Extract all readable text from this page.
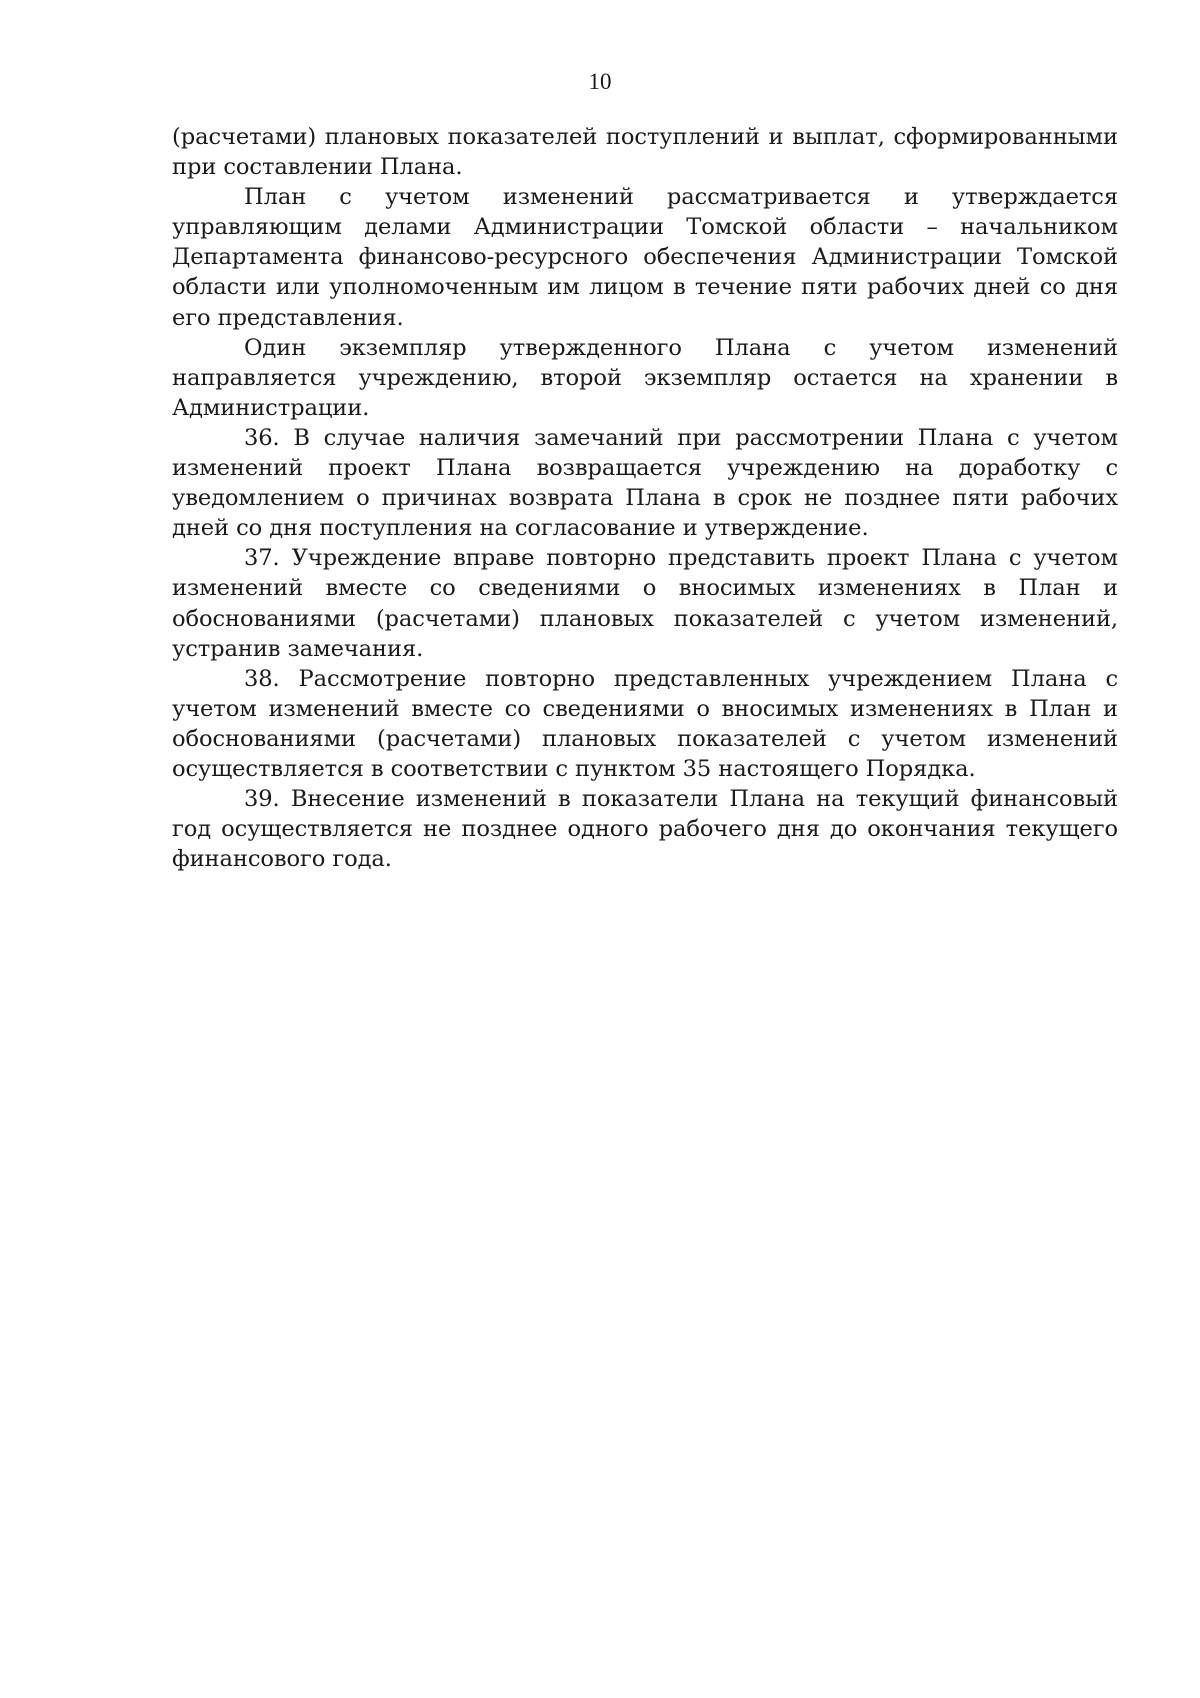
10

(расчетами) плановых показателей поступлений и выплат, сформированными при составлении Плана.

План с учетом изменений рассматривается и утверждается управляющим делами Администрации Томской области – начальником Департамента финансово-ресурсного обеспечения Администрации Томской области или уполномоченным им лицом в течение пяти рабочих дней со дня его представления.

Один экземпляр утвержденного Плана с учетом изменений направляется учреждению, второй экземпляр остается на хранении в Администрации.

36. В случае наличия замечаний при рассмотрении Плана с учетом изменений проект Плана возвращается учреждению на доработку с уведомлением о причинах возврата Плана в срок не позднее пяти рабочих дней со дня поступления на согласование и утверждение.

37. Учреждение вправе повторно представить проект Плана с учетом изменений вместе со сведениями о вносимых изменениях в План и обоснованиями (расчетами) плановых показателей с учетом изменений, устранив замечания.

38. Рассмотрение повторно представленных учреждением Плана с учетом изменений вместе со сведениями о вносимых изменениях в План и обоснованиями (расчетами) плановых показателей с учетом изменений осуществляется в соответствии с пунктом 35 настоящего Порядка.

39. Внесение изменений в показатели Плана на текущий финансовый год осуществляется не позднее одного рабочего дня до окончания текущего финансового года.
